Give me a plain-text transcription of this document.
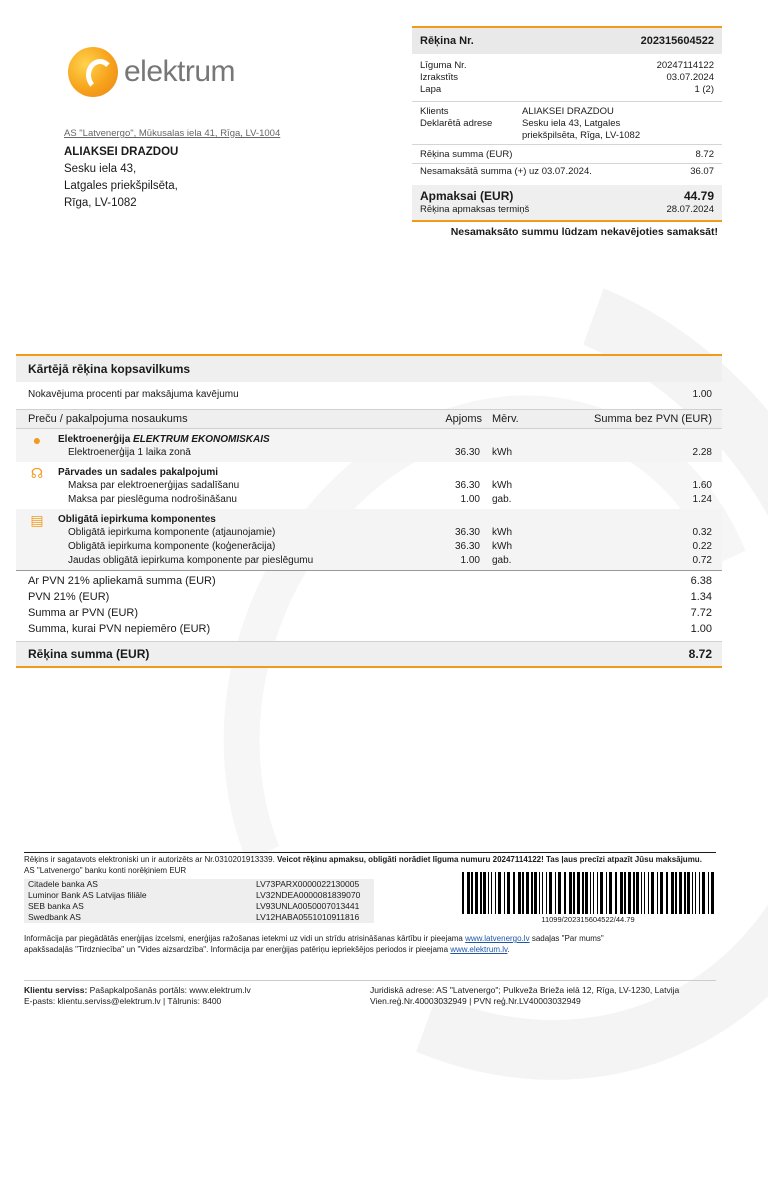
elektrum
AS "Latvenergo", Mūkusalas iela 41, Rīga, LV-1004
ALIAKSEI DRAZDOU
Sesku iela 43,
Latgales priekšpilsēta,
Rīga, LV-1082
Rēķina Nr.	202315604522
Līguma Nr.	20247114122
Izrakstīts	03.07.2024
Lapa	1 (2)
Klients	ALIAKSEI DRAZDOU
Deklarētā adrese	Sesku iela 43, Latgales
priekšpilsēta, Rīga, LV-1082
Rēķina summa (EUR)	8.72
Nesamaksātā summa (+) uz 03.07.2024.	36.07
Apmaksai (EUR)	44.79
Rēķina apmaksas termiņš	28.07.2024
Nesamaksāto summu lūdzam nekavējoties samaksāt!
Kārtējā rēķina kopsavilkums
Nokavējuma procenti par maksājuma kavējumu	1.00
Preču / pakalpojuma nosaukums	Apjoms Mērv.	Summa bez PVN (EUR)
●	Elektroenerģija ELEKTRUM EKONOMISKAIS
Elektroenerģija 1 laika zonā	36.30	kWh	2.28
☊	Pārvades un sadales pakalpojumi
Maksa par elektroenerģijas sadalīšanu	36.30	kWh	1.60
Maksa par pieslēguma nodrošināšanu	1.00	gab.	1.24
▤	Obligātā iepirkuma komponentes
Obligātā iepirkuma komponente (atjaunojamie)	36.30	kWh	0.32
Obligātā iepirkuma komponente (koģenerācija)	36.30	kWh	0.22
Jaudas obligātā iepirkuma komponente par pieslēgumu	1.00	gab.	0.72
Ar PVN 21% apliekamā summa (EUR)	6.38
PVN 21% (EUR)	1.34
Summa ar PVN (EUR)	7.72
Summa, kurai PVN nepiemēro (EUR)	1.00
Rēķina summa (EUR)	8.72
Rēķins ir sagatavots elektroniski un ir autorizēts ar Nr.0310201913339. Veicot rēķinu apmaksu, obligāti norādiet līguma numuru 20247114122! Tas ļaus precīzi atpazīt Jūsu maksājumu.
AS "Latvenergo" banku konti norēķiniem EUR
Citadele banka AS	LV73PARX0000022130005
Luminor Bank AS Latvijas filiāle	LV32NDEA0000081839070
SEB banka AS	LV93UNLA0050007013441
Swedbank AS	LV12HABA0551010911816	11099/202315604522/44.79
Informācija par piegādātās enerģijas izcelsmi, enerģijas ražošanas ietekmi uz vidi un strīdu atrisināšanas kārtību ir pieejama www.latvenergo.lv sadaļas "Par mums"
apakšsadaļās "Tirdzniecība" un "Vides aizsardzība". Informācija par enerģijas patēriņu iepriekšējos periodos ir pieejama www.elektrum.lv.
Klientu serviss: Pašapkalpošanās portāls: www.elektrum.lv
E-pasts: klientu.serviss@elektrum.lv | Tālrunis: 8400
Juridiskā adrese: AS "Latvenergo"; Pulkveža Brieža ielā 12, Rīga, LV-1230, Latvija
Vien.reģ.Nr.40003032949 | PVN reģ.Nr.LV40003032949
